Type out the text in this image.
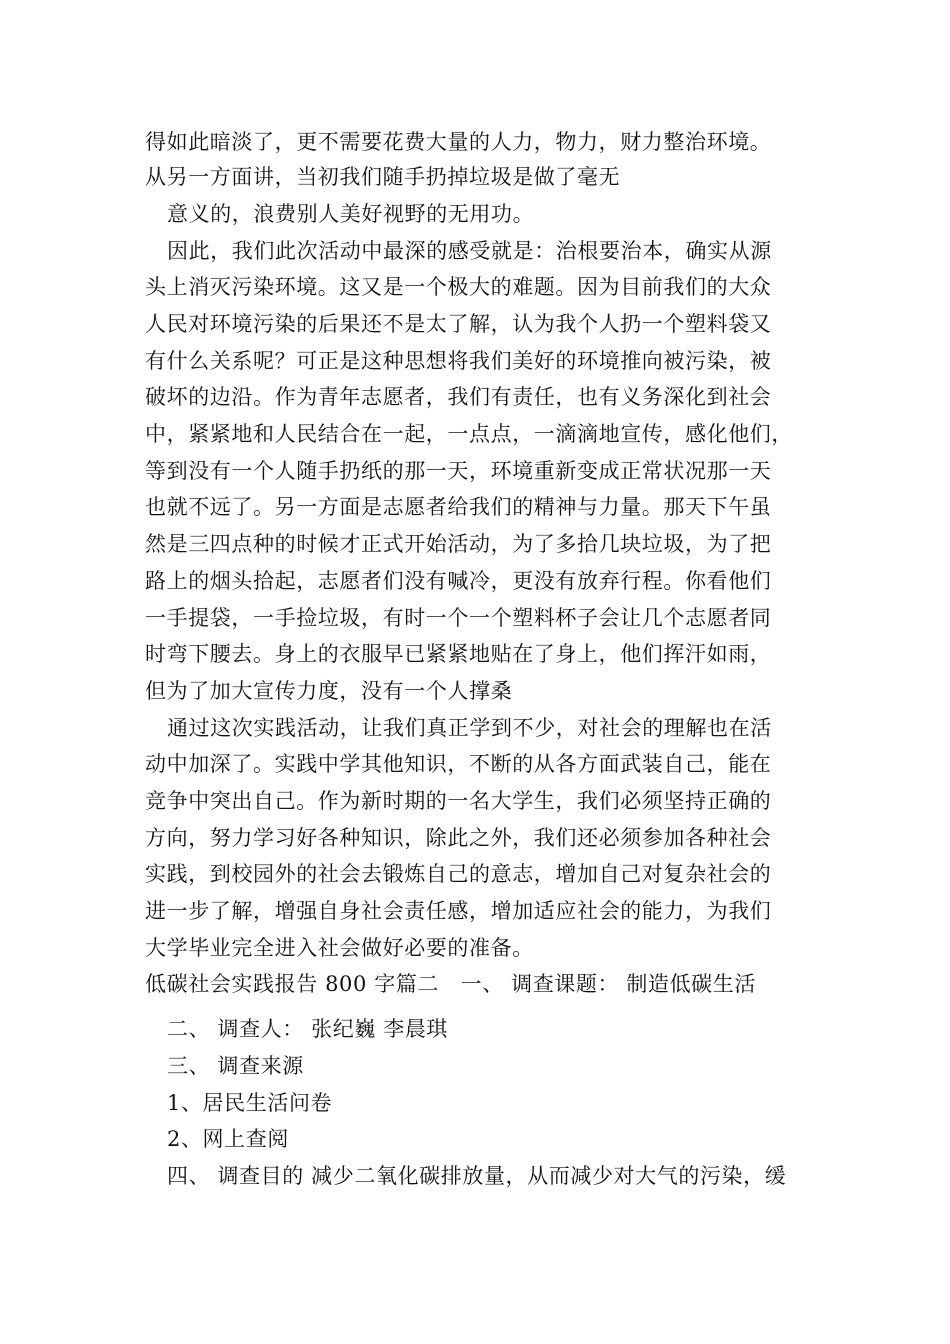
得如此暗淡了，更不需要花费大量的人力，物力，财力整治环境。
从另一方面讲，当初我们随手扔掉垃圾是做了毫无
意义的，浪费别人美好视野的无用功。
因此，我们此次活动中最深的感受就是：治根要治本，确实从源
头上消灭污染环境。这又是一个极大的难题。因为目前我们的大众
人民对环境污染的后果还不是太了解，认为我个人扔一个塑料袋又
有什么关系呢？可正是这种思想将我们美好的环境推向被污染，被
破坏的边沿。作为青年志愿者，我们有责任，也有义务深化到社会
中，紧紧地和人民结合在一起，一点点，一滴滴地宣传，感化他们，
等到没有一个人随手扔纸的那一天，环境重新变成正常状况那一天
也就不远了。另一方面是志愿者给我们的精神与力量。那天下午虽
然是三四点种的时候才正式开始活动，为了多拾几块垃圾，为了把
路上的烟头拾起，志愿者们没有喊冷，更没有放弃行程。你看他们
一手提袋，一手捡垃圾，有时一个一个塑料杯子会让几个志愿者同
时弯下腰去。身上的衣服早已紧紧地贴在了身上，他们挥汗如雨，
但为了加大宣传力度，没有一个人撑桑
通过这次实践活动，让我们真正学到不少，对社会的理解也在活
动中加深了。实践中学其他知识，不断的从各方面武装自己，能在
竞争中突出自己。作为新时期的一名大学生，我们必须坚持正确的
方向，努力学习好各种知识，除此之外，我们还必须参加各种社会
实践，到校园外的社会去锻炼自己的意志，增加自己对复杂社会的
进一步了解，增强自身社会责任感，增加适应社会的能力，为我们
大学毕业完全进入社会做好必要的准备。
低碳社会实践报告 800 字篇二　一、 调查课题： 制造低碳生活
二、 调查人： 张纪巍 李晨琪
三、 调查来源
1、居民生活问卷
2、网上查阅
四、 调查目的 减少二氧化碳排放量，从而减少对大气的污染，缓
